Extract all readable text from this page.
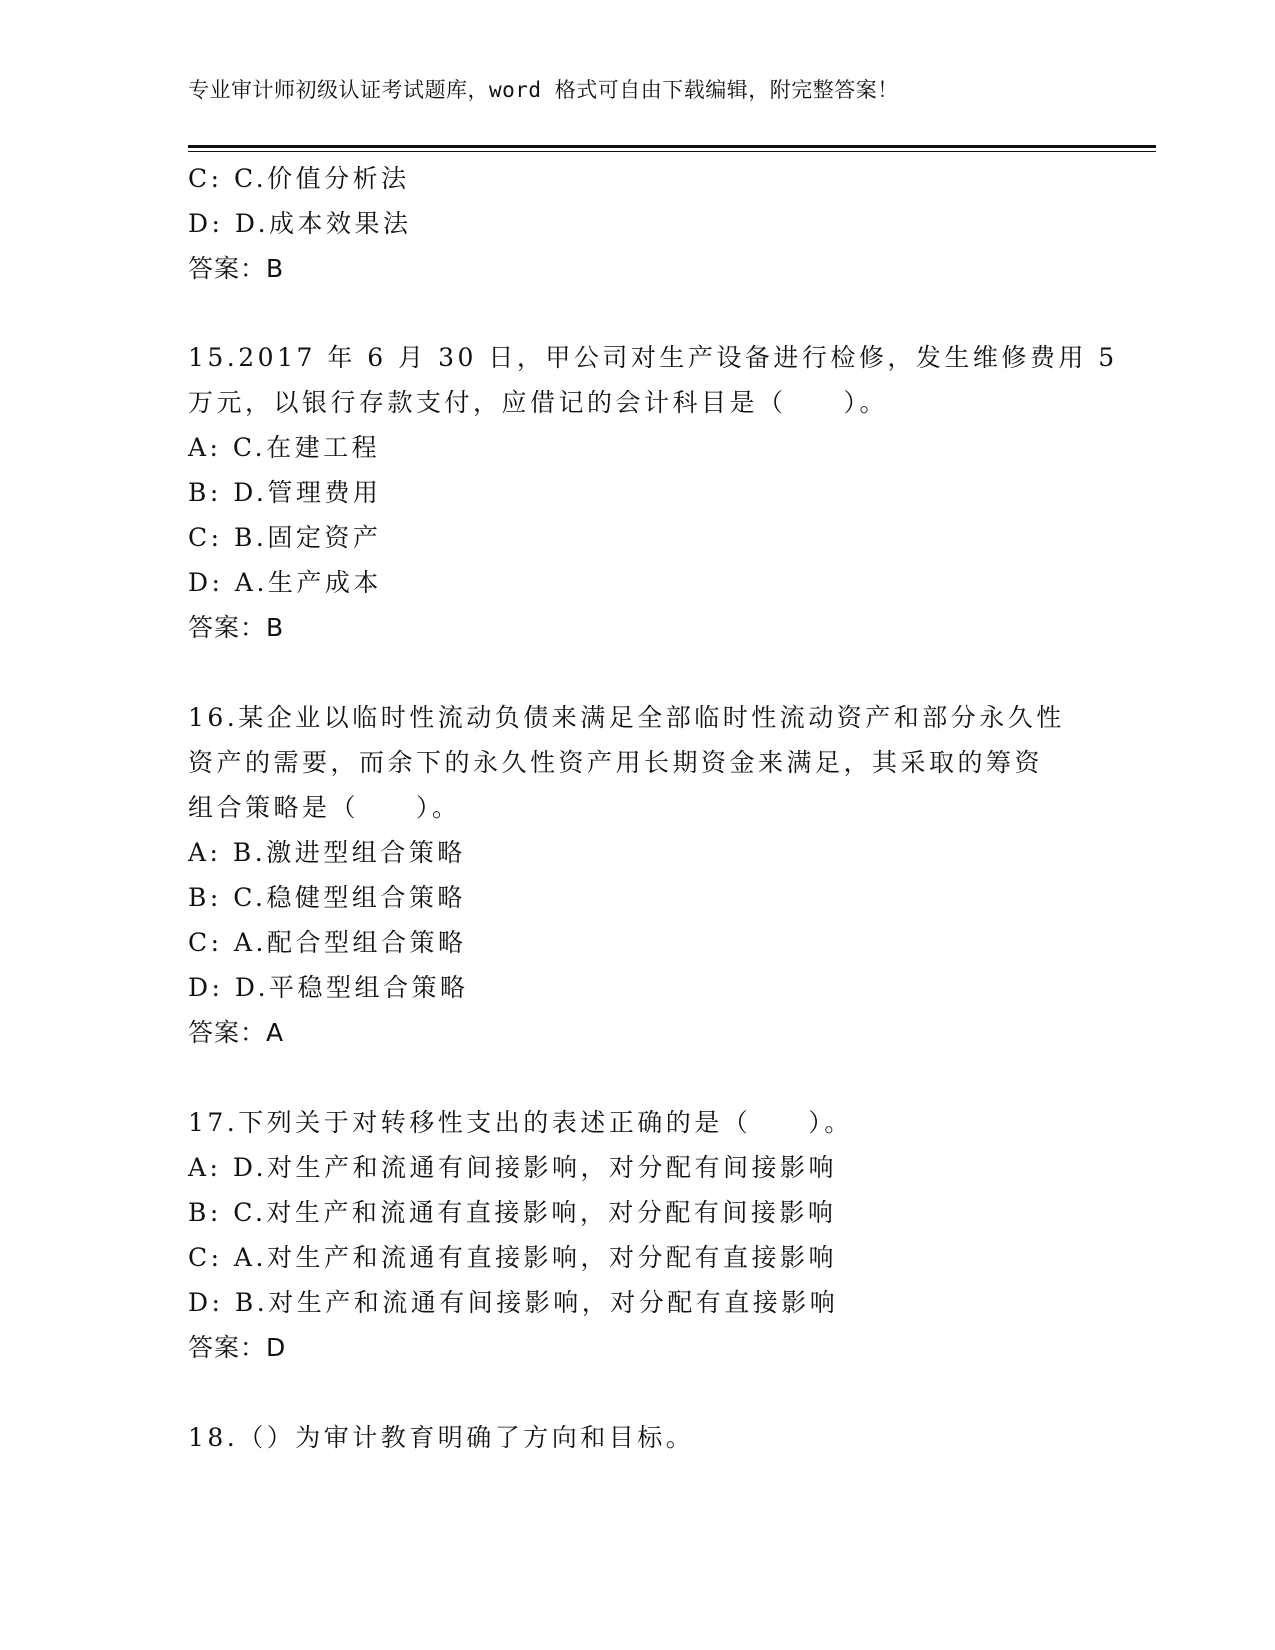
专业审计师初级认证考试题库，word 格式可自由下载编辑，附完整答案！
C: C.价值分析法
D: D.成本效果法
答案：B
15.2017 年 6 月 30 日，甲公司对生产设备进行检修，发生维修费用 5
万元，以银行存款支付，应借记的会计科目是（　　）。
A: C.在建工程
B: D.管理费用
C: B.固定资产
D: A.生产成本
答案：B
16.某企业以临时性流动负债来满足全部临时性流动资产和部分永久性
资产的需要，而余下的永久性资产用长期资金来满足，其采取的筹资
组合策略是（　　）。
A: B.激进型组合策略
B: C.稳健型组合策略
C: A.配合型组合策略
D: D.平稳型组合策略
答案：A
17.下列关于对转移性支出的表述正确的是（　　）。
A: D.对生产和流通有间接影响，对分配有间接影响
B: C.对生产和流通有直接影响，对分配有间接影响
C: A.对生产和流通有直接影响，对分配有直接影响
D: B.对生产和流通有间接影响，对分配有直接影响
答案：D
18.（）为审计教育明确了方向和目标。
